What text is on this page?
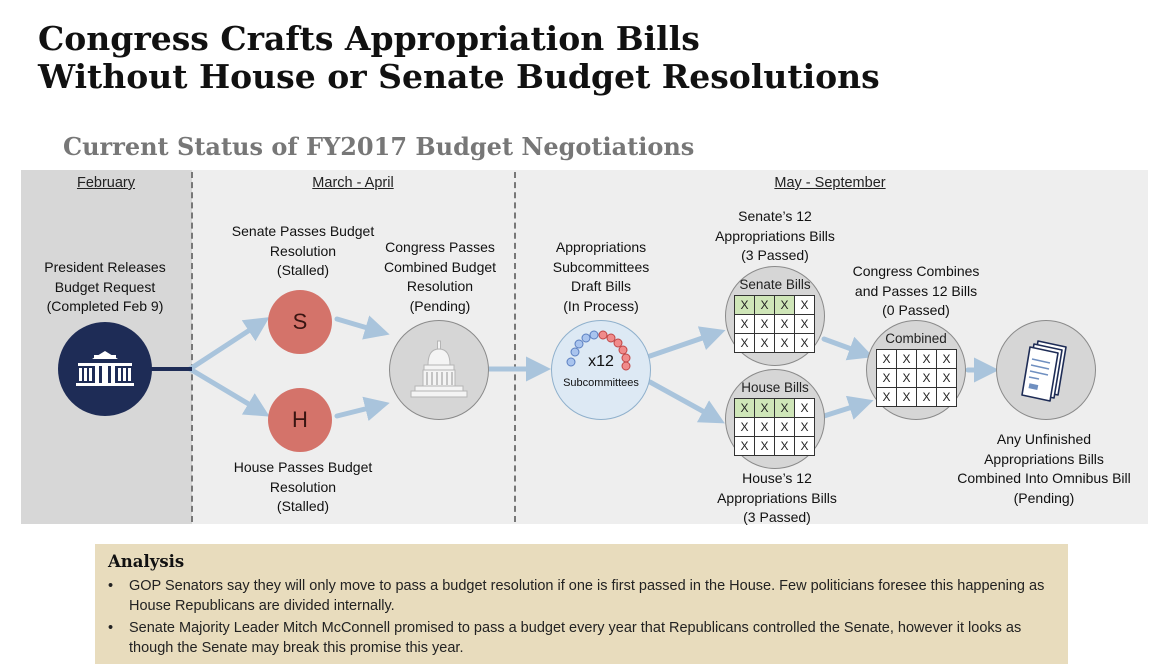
Congress Crafts Appropriation Bills
Without House or Senate Budget Resolutions
Current Status of FY2017 Budget Negotiations
February	March - April	May - September
President Releases
Budget Request
(Completed Feb 9)
Senate Passes Budget
Resolution
(Stalled)
S
H
House Passes Budget
Resolution
(Stalled)
Congress Passes
Combined Budget
Resolution
(Pending)
Appropriations
Subcommittees
Draft Bills
(In Process)
x12
Subcommittees
Senate’s 12
Appropriations Bills
(3 Passed)
Senate Bills
X	X	X	X
X	X	X	X
X	X	X	X
House Bills
X	X	X	X
X	X	X	X
X	X	X	X
House’s 12
Appropriations Bills
(3 Passed)
Congress Combines
and Passes 12 Bills
(0 Passed)
Combined
X	X	X	X
X	X	X	X
X	X	X	X
Any Unfinished
Appropriations Bills
Combined Into Omnibus Bill
(Pending)
Analysis
• GOP Senators say they will only move to pass a budget resolution if one is first passed in the House. Few politicians foresee this happening as House Republicans are divided internally.
• Senate Majority Leader Mitch McConnell promised to pass a budget every year that Republicans controlled the Senate, however it looks as though the Senate may break this promise this year.
